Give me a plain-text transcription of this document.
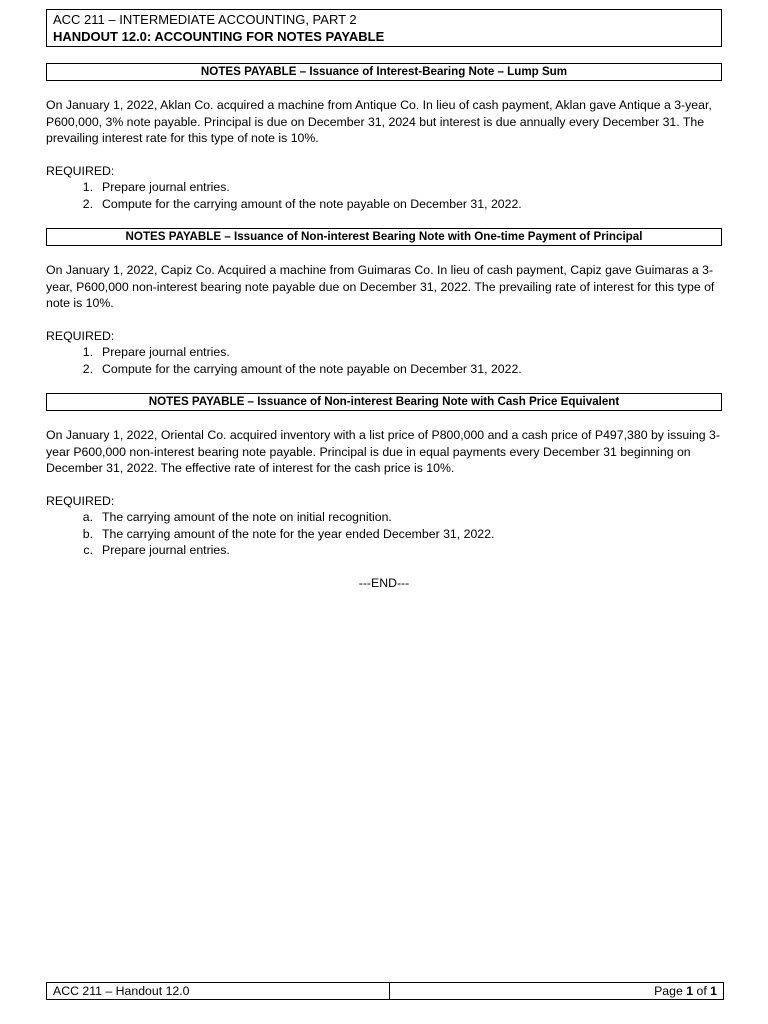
ACC 211 – INTERMEDIATE ACCOUNTING, PART 2
HANDOUT 12.0: ACCOUNTING FOR NOTES PAYABLE
NOTES PAYABLE – Issuance of Interest-Bearing Note – Lump Sum

On January 1, 2022, Aklan Co. acquired a machine from Antique Co. In lieu of cash payment, Aklan gave Antique a 3-year, P600,000, 3% note payable. Principal is due on December 31, 2024 but interest is due annually every December 31. The prevailing interest rate for this type of note is 10%.

REQUIRED:

1. Prepare journal entries.
2. Compute for the carrying amount of the note payable on December 31, 2022.
NOTES PAYABLE – Issuance of Non-interest Bearing Note with One-time Payment of Principal

On January 1, 2022, Capiz Co. Acquired a machine from Guimaras Co. In lieu of cash payment, Capiz gave Guimaras a 3-year, P600,000 non-interest bearing note payable due on December 31, 2022. The prevailing rate of interest for this type of note is 10%.

REQUIRED:

1. Prepare journal entries.
2. Compute for the carrying amount of the note payable on December 31, 2022.
NOTES PAYABLE – Issuance of Non-interest Bearing Note with Cash Price Equivalent

On January 1, 2022, Oriental Co. acquired inventory with a list price of P800,000 and a cash price of P497,380 by issuing 3-year P600,000 non-interest bearing note payable. Principal is due in equal payments every December 31 beginning on December 31, 2022. The effective rate of interest for the cash price is 10%.

REQUIRED:

a. The carrying amount of the note on initial recognition.
b. The carrying amount of the note for the year ended December 31, 2022.
c. Prepare journal entries.
---END---
ACC 211 – Handout 12.0	Page 1 of 1
